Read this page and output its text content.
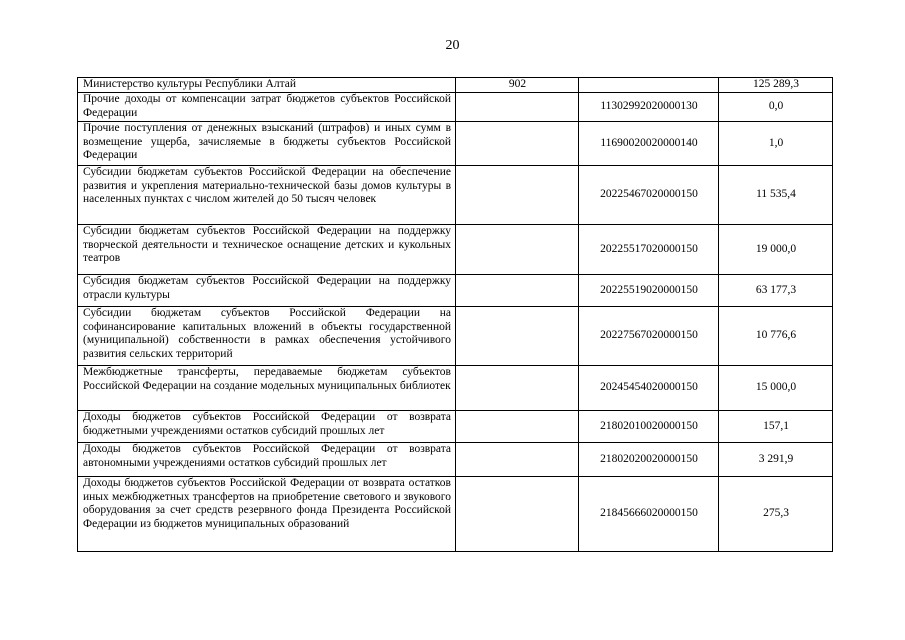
20
Министерство культуры Республики Алтай	902		125 289,3
Прочие доходы от компенсации затрат бюджетов субъектов Российской Федерации		11302992020000130	0,0
Прочие поступления от денежных взысканий (штрафов) и иных сумм в возмещение ущерба, зачисляемые в бюджеты субъектов Российской Федерации		11690020020000140	1,0
Субсидии бюджетам субъектов Российской Федерации на обеспечение развития и укрепления материально-технической базы домов культуры в населенных пунктах с числом жителей до 50 тысяч человек		20225467020000150	11 535,4
Субсидии бюджетам субъектов Российской Федерации на поддержку творческой деятельности и техническое оснащение детских и кукольных театров		20225517020000150	19 000,0
Субсидия бюджетам субъектов Российской Федерации на поддержку отрасли культуры		20225519020000150	63 177,3
Субсидии бюджетам субъектов Российской Федерации на софинансирование капитальных вложений в объекты государственной (муниципальной) собственности в рамках обеспечения устойчивого развития сельских территорий		20227567020000150	10 776,6
Межбюджетные трансферты, передаваемые бюджетам субъектов Российской Федерации на создание модельных муниципальных библиотек		20245454020000150	15 000,0
Доходы бюджетов субъектов Российской Федерации от возврата бюджетными учреждениями остатков субсидий прошлых лет		21802010020000150	157,1
Доходы бюджетов субъектов Российской Федерации от возврата автономными учреждениями остатков субсидий прошлых лет		21802020020000150	3 291,9
Доходы бюджетов субъектов Российской Федерации от возврата остатков иных межбюджетных трансфертов на приобретение светового и звукового оборудования за счет средств резервного фонда Президента Российской Федерации из бюджетов муниципальных образований		21845666020000150	275,3
